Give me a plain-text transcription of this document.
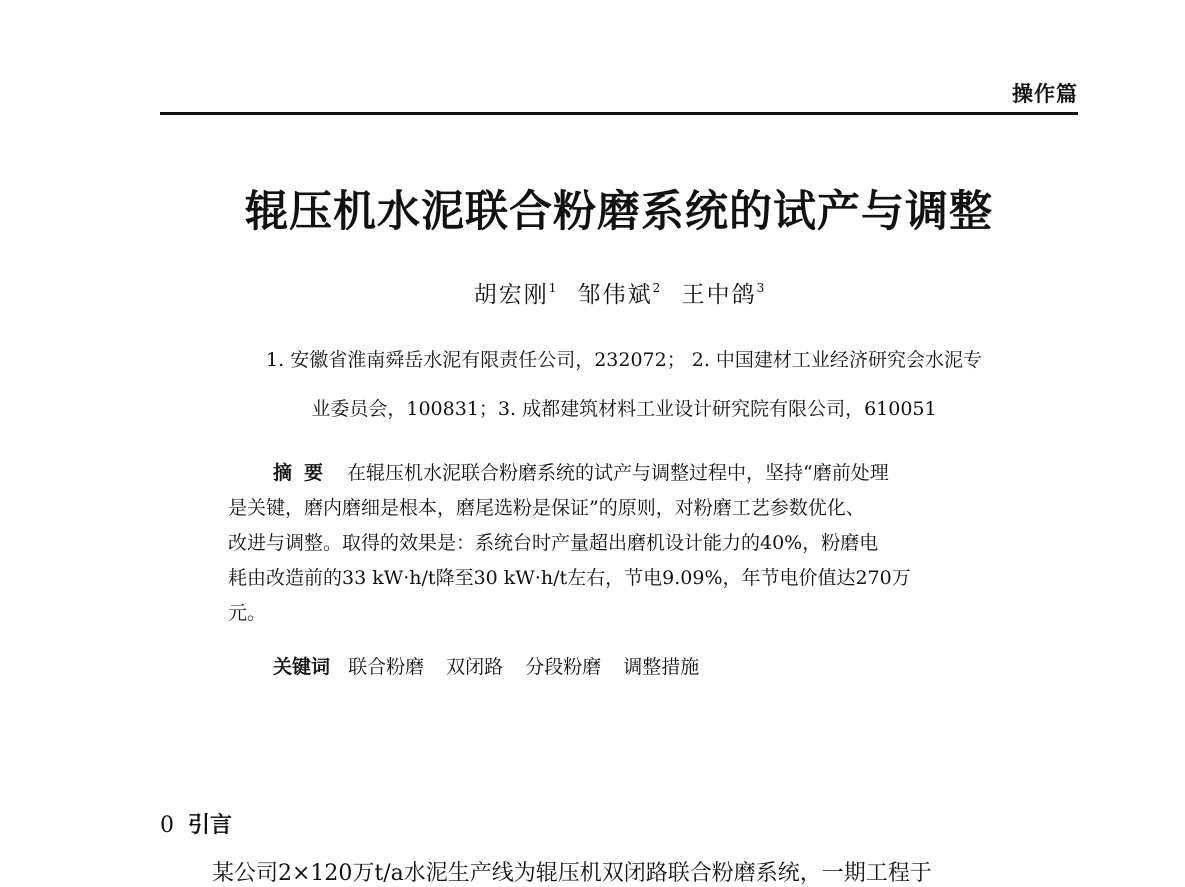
操作篇
辊压机水泥联合粉磨系统的试产与调整
胡宏刚$^1$ 邹伟斌$^2$ 王中鸽$^3$
1. 安徽省淮南舜岳水泥有限责任公司，232072； 2. 中国建材工业经济研究会水泥专
业委员会，100831；3. 成都建筑材料工业设计研究院有限公司，610051
摘要 在辊压机水泥联合粉磨系统的试产与调整过程中，坚持“磨前处理
是关键，磨内磨细是根本，磨尾选粉是保证”的原则，对粉磨工艺参数优化、
改进与调整。取得的效果是：系统台时产量超出磨机设计能力的40%，粉磨电
耗由改造前的33 kW·h/t降至30 kW·h/t左右，节电9.09%，年节电价值达270万
元。
关键词 联合粉磨 双闭路 分段粉磨 调整措施
0 引言
某公司2×120万t/a水泥生产线为辊压机双闭路联合粉磨系统，一期工程于
